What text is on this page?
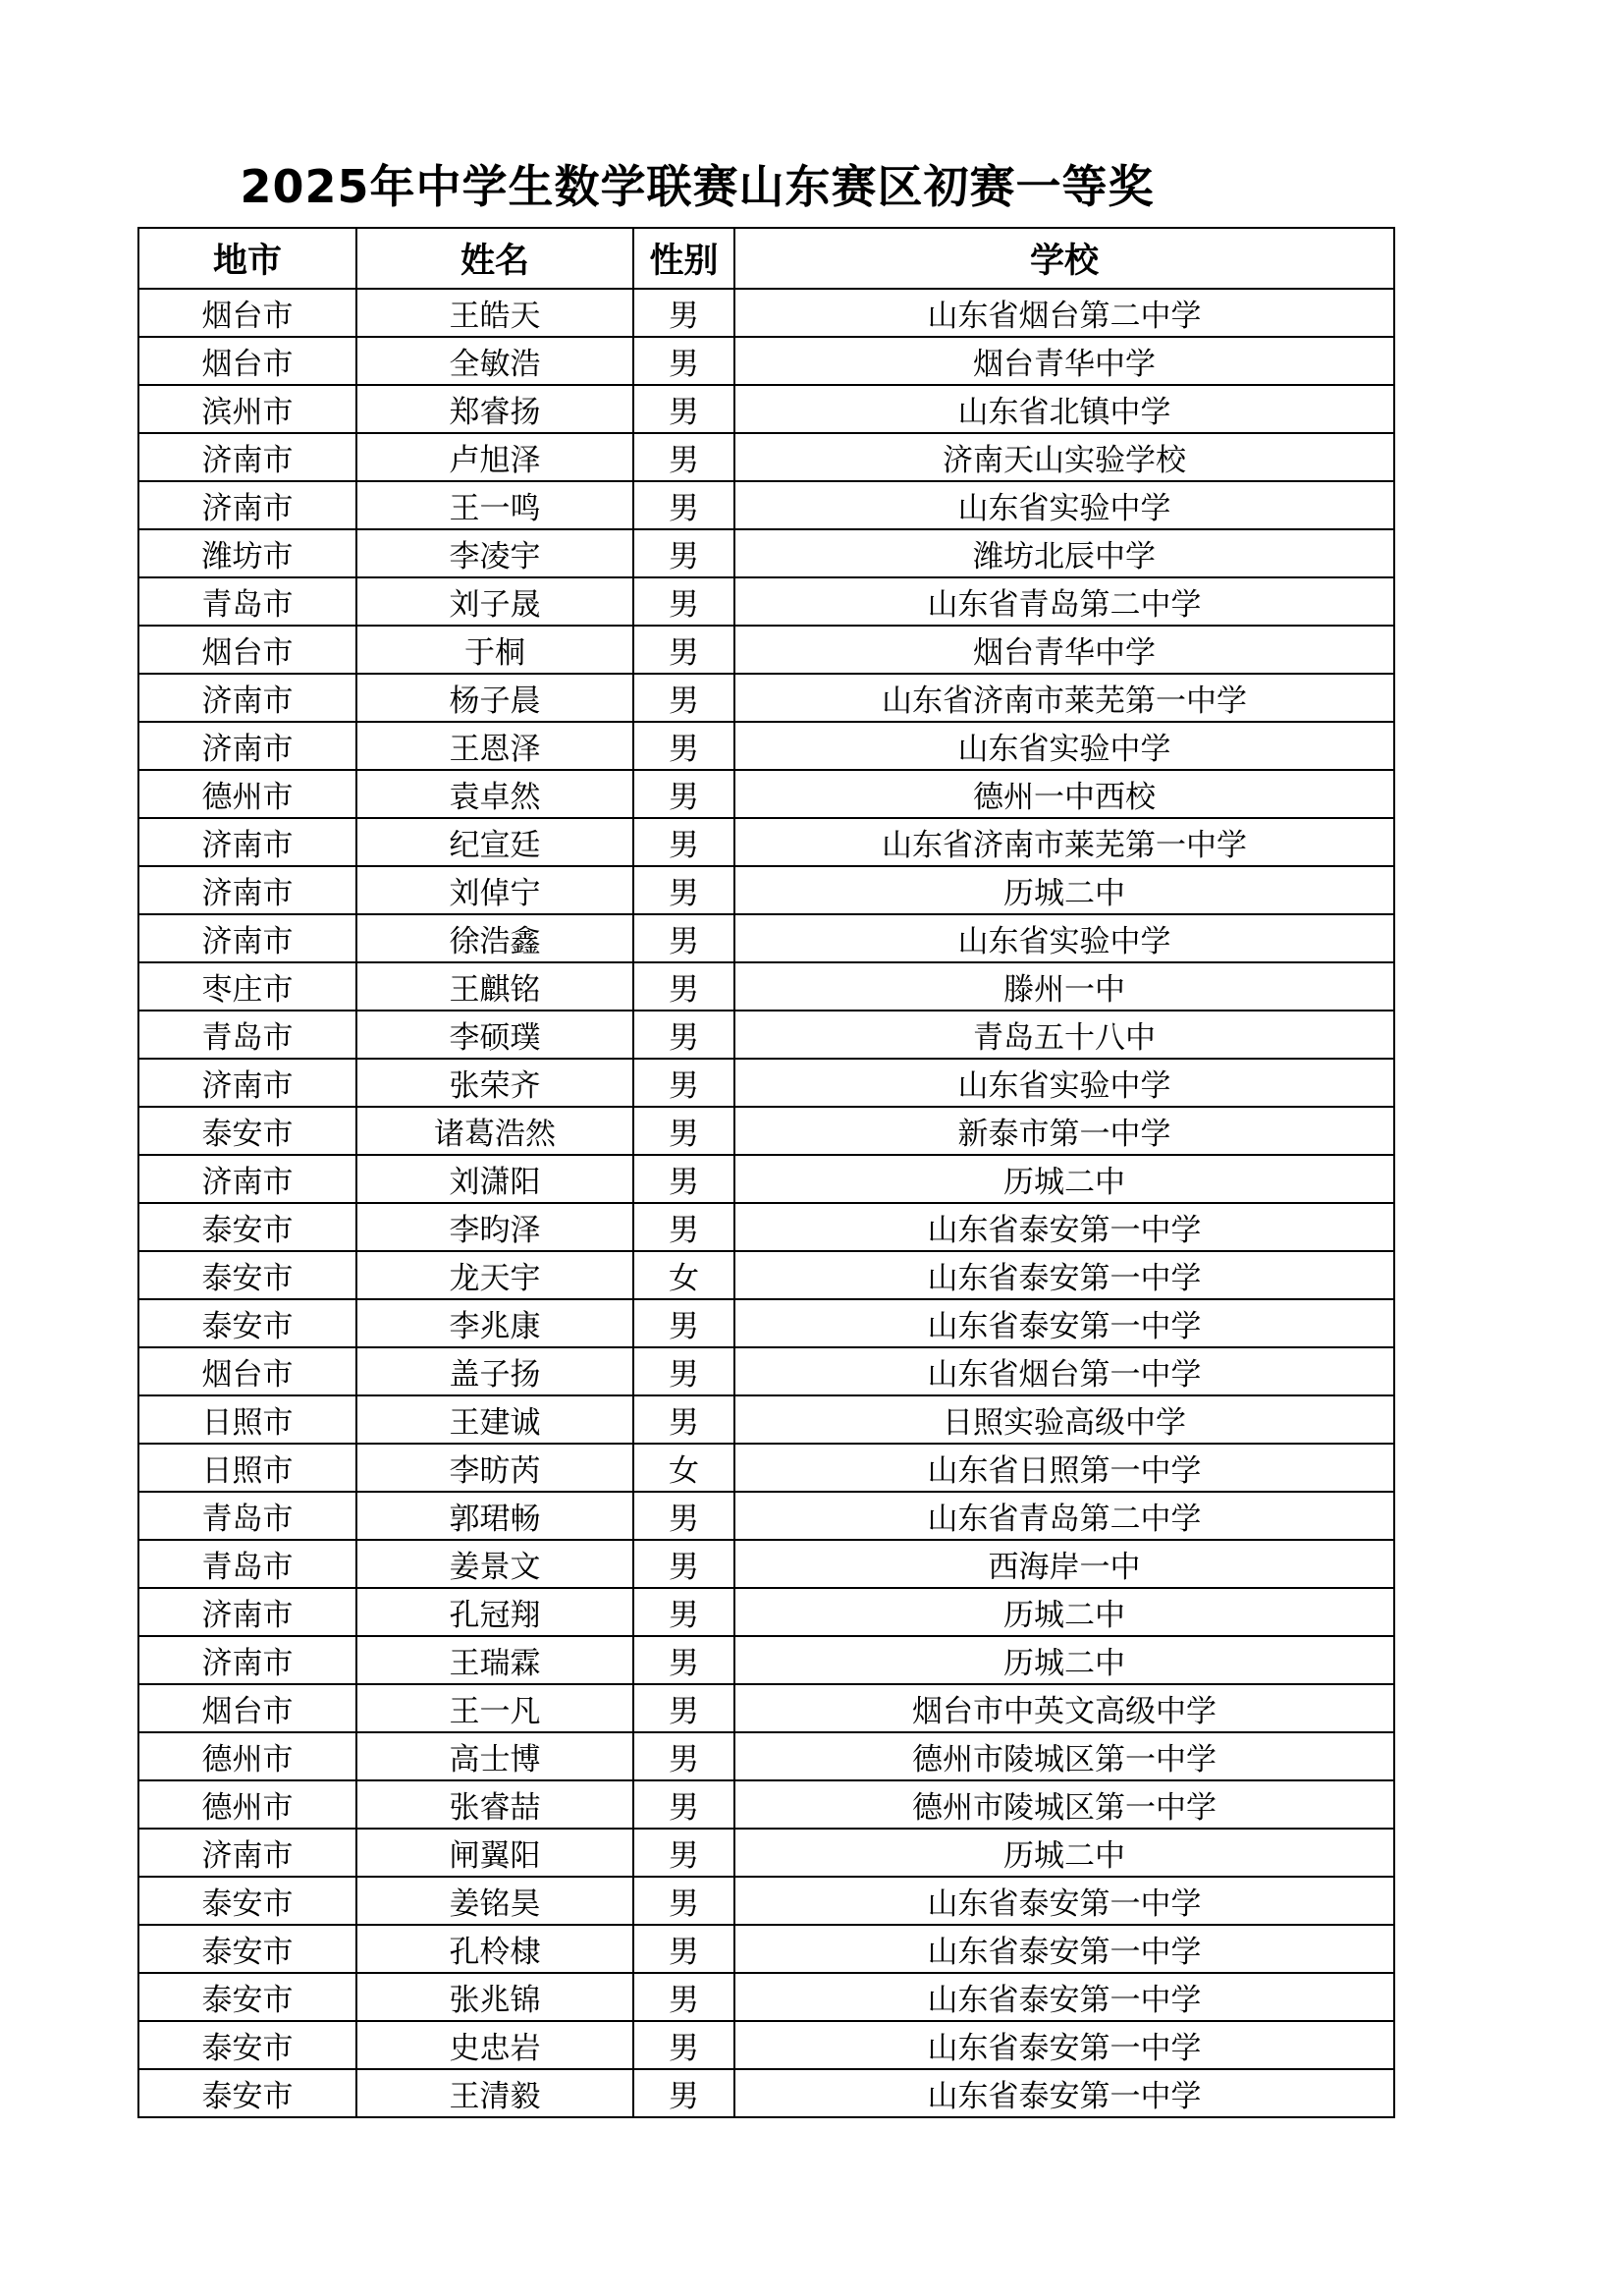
2025年中学生数学联赛山东赛区初赛一等奖
地市	姓名	性别	学校
烟台市	王皓天	男	山东省烟台第二中学
烟台市	全敏浩	男	烟台青华中学
滨州市	郑睿扬	男	山东省北镇中学
济南市	卢旭泽	男	济南天山实验学校
济南市	王一鸣	男	山东省实验中学
潍坊市	李凌宇	男	潍坊北辰中学
青岛市	刘子晟	男	山东省青岛第二中学
烟台市	于桐	男	烟台青华中学
济南市	杨子晨	男	山东省济南市莱芜第一中学
济南市	王恩泽	男	山东省实验中学
德州市	袁卓然	男	德州一中西校
济南市	纪宣廷	男	山东省济南市莱芜第一中学
济南市	刘倬宁	男	历城二中
济南市	徐浩鑫	男	山东省实验中学
枣庄市	王麒铭	男	滕州一中
青岛市	李硕璞	男	青岛五十八中
济南市	张荣齐	男	山东省实验中学
泰安市	诸葛浩然	男	新泰市第一中学
济南市	刘潇阳	男	历城二中
泰安市	李昀泽	男	山东省泰安第一中学
泰安市	龙天宇	女	山东省泰安第一中学
泰安市	李兆康	男	山东省泰安第一中学
烟台市	盖子扬	男	山东省烟台第一中学
日照市	王建诚	男	日照实验高级中学
日照市	李昉芮	女	山东省日照第一中学
青岛市	郭珺畅	男	山东省青岛第二中学
青岛市	姜景文	男	西海岸一中
济南市	孔冠翔	男	历城二中
济南市	王瑞霖	男	历城二中
烟台市	王一凡	男	烟台市中英文高级中学
德州市	高士博	男	德州市陵城区第一中学
德州市	张睿喆	男	德州市陵城区第一中学
济南市	闸翼阳	男	历城二中
泰安市	姜铭昊	男	山东省泰安第一中学
泰安市	孔柃棣	男	山东省泰安第一中学
泰安市	张兆锦	男	山东省泰安第一中学
泰安市	史忠岩	男	山东省泰安第一中学
泰安市	王清毅	男	山东省泰安第一中学
